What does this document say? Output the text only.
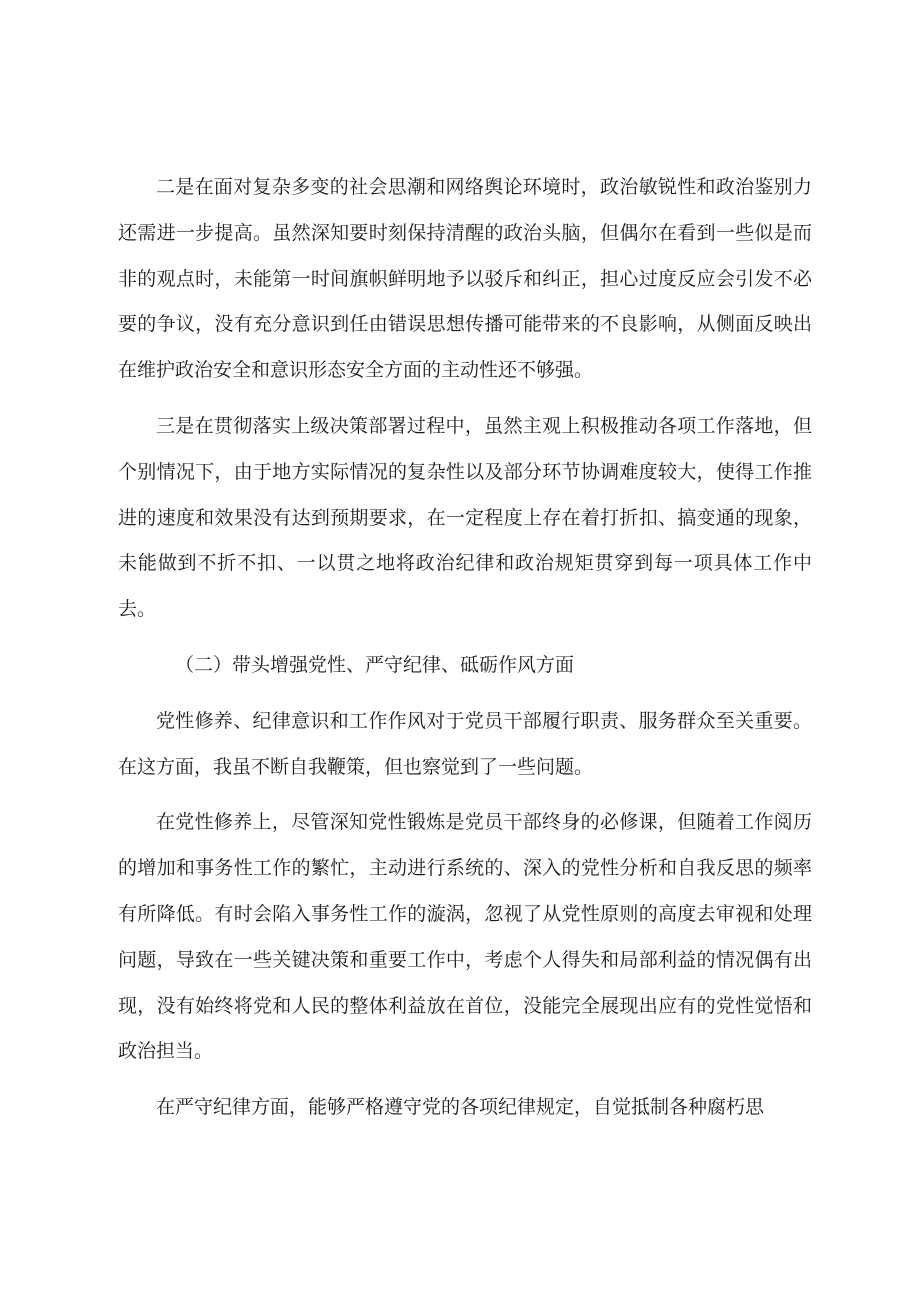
二是在面对复杂多变的社会思潮和网络舆论环境时，政治敏锐性和政治鉴别力还需进一步提高。虽然深知要时刻保持清醒的政治头脑，但偶尔在看到一些似是而非的观点时，未能第一时间旗帜鲜明地予以驳斥和纠正，担心过度反应会引发不必要的争议，没有充分意识到任由错误思想传播可能带来的不良影响，从侧面反映出在维护政治安全和意识形态安全方面的主动性还不够强。

三是在贯彻落实上级决策部署过程中，虽然主观上积极推动各项工作落地，但个别情况下，由于地方实际情况的复杂性以及部分环节协调难度较大，使得工作推进的速度和效果没有达到预期要求，在一定程度上存在着打折扣、搞变通的现象，未能做到不折不扣、一以贯之地将政治纪律和政治规矩贯穿到每一项具体工作中去。

（二）带头增强党性、严守纪律、砥砺作风方面

党性修养、纪律意识和工作作风对于党员干部履行职责、服务群众至关重要。在这方面，我虽不断自我鞭策，但也察觉到了一些问题。

在党性修养上，尽管深知党性锻炼是党员干部终身的必修课，但随着工作阅历的增加和事务性工作的繁忙，主动进行系统的、深入的党性分析和自我反思的频率有所降低。有时会陷入事务性工作的漩涡，忽视了从党性原则的高度去审视和处理问题，导致在一些关键决策和重要工作中，考虑个人得失和局部利益的情况偶有出现，没有始终将党和人民的整体利益放在首位，没能完全展现出应有的党性觉悟和政治担当。

在严守纪律方面，能够严格遵守党的各项纪律规定，自觉抵制各种腐朽思
